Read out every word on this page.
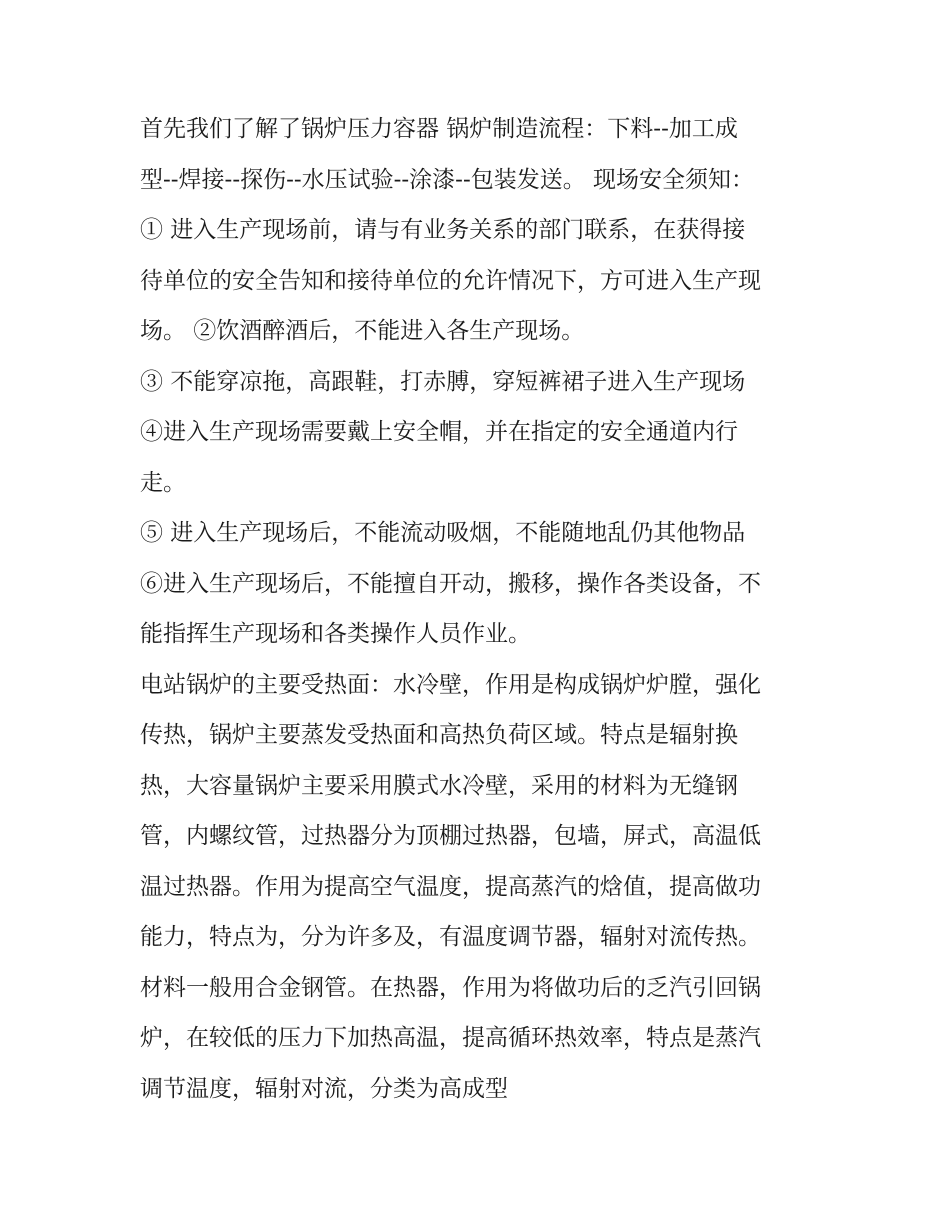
首先我们了解了锅炉压力容器 锅炉制造流程：下料--加工成
型--焊接--探伤--水压试验--涂漆--包装发送。 现场安全须知：
① 进入生产现场前，请与有业务关系的部门联系，在获得接
待单位的安全告知和接待单位的允许情况下，方可进入生产现
场。 ②饮酒醉酒后，不能进入各生产现场。
③ 不能穿凉拖，高跟鞋，打赤膊，穿短裤裙子进入生产现场
④进入生产现场需要戴上安全帽，并在指定的安全通道内行
走。
⑤ 进入生产现场后，不能流动吸烟，不能随地乱仍其他物品
⑥进入生产现场后，不能擅自开动，搬移，操作各类设备，不
能指挥生产现场和各类操作人员作业。
电站锅炉的主要受热面：水冷壁，作用是构成锅炉炉膛，强化
传热，锅炉主要蒸发受热面和高热负荷区域。特点是辐射换
热，大容量锅炉主要采用膜式水冷壁，采用的材料为无缝钢
管，内螺纹管，过热器分为顶棚过热器，包墙，屏式，高温低
温过热器。作用为提高空气温度，提高蒸汽的焓值，提高做功
能力，特点为，分为许多及，有温度调节器，辐射对流传热。
材料一般用合金钢管。在热器，作用为将做功后的乏汽引回锅
炉，在较低的压力下加热高温，提高循环热效率，特点是蒸汽
调节温度，辐射对流，分类为高成型
